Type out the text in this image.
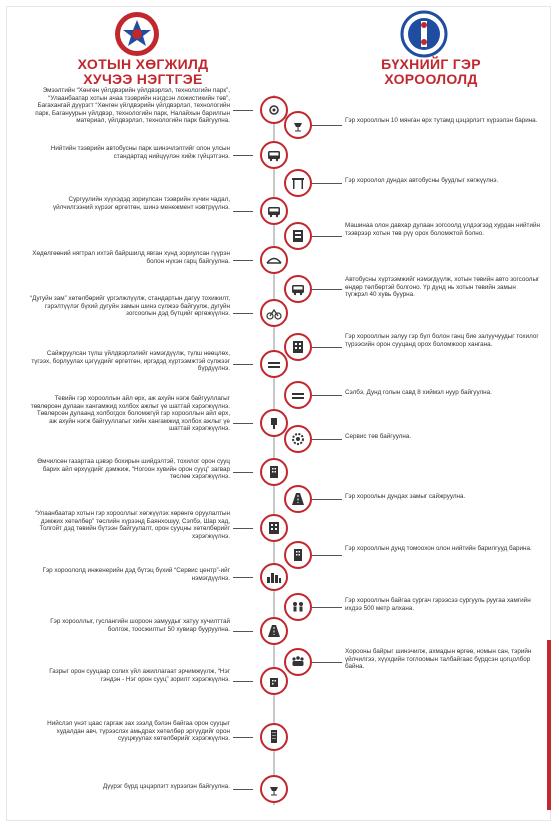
ХОТЫН ХӨГЖИЛД
ХУЧЭЭ НЭГТГЭЕ
БҮХНИЙГ ГЭР
ХОРООЛОЛД
Эмээлтийн “Хөнгөн үйлдвэрийн үйлдвэрлэл, технологийн парк”, “Улаанбаатар хотын ачаа тээврийн нэгдсэн ложистикийн төв”, Багахангай дүүрэгт “Хөнгөн үйлдвэрийн үйлдвэрлэл, технологийн парк, Багануурын үйлдвэр, технологийн парк, Налайхын барилгын материал, үйлдвэрлэл, технологийн парк байгуулна.
Нийтийн тээврийн автобусны парк шинэчлэлтийг олон улсын стандартад нийцүүлэн хийж гүйцэтгэнэ.
Сургуулийн хүүхэдэд зориулсан тээврийн хүчин чадал, үйлчилгээний хүрээг өргөтгөн, шинэ менежмент нэвтрүүлнэ.
Хөдөлгөөний нягтрал ихтэй байршилд явган хүнд зориулсан гүүрэн болон нүхэн гарц байгуулна.
“Дугуйн зам” хөтөлбөрийг үргэлжлүүлж, стандартын дагуу тохижилт, гэрэлтүүлэг бүхий дугуйн замын шинэ сүлжээ байгуулж, дугуйн зогсоолын дэд бүтцийг өргөжүүлнэ.
Сайжруулсан түлш үйлдвэрлэлийг нэмэгдүүлж, түлш нөөцлөх, түгээх, борлуулах цэгүүдийг өргөтгөн, иргэдэд хүртээмжтэй сүлжээг бүрдүүлнэ.
Тевийн гэр хорооллын айл өрх, аж ахуйн нэгж байгууллагыг төвлөрсөн дулаан хангамжид холбох ажлыг үе шаттай хэрэгжүүлнэ. Төвлөрсөн дулаанд холбогдох боломжгүй гэр хорооллын айл өрх, аж ахуйн нэгж байгууллагыг хийн хангамжид холбох ажлыг үе шаттай хэрэгжүүлнэ.
Өмчилсөн газартаа цэвэр бохирын шийдэлтэй, тохилог орон сууц барих айл өрхүүдийг дэмжиж, “Ногоон хувийн орон сууц” загвар төслөө хэрэгжүүлнэ.
“Улаанбаатар хотын гэр хорооллыг хөгжүүлэх хөрөнгө оруулалтын дэмжих хөтөлбөр” төслийн хүрээнд Баянхошуу, Сэлбэ, Шар хад, Толгойт дэд төвийн бүтээн байгуулалт, орон сууцны хөтөлбөрийг хэрэгжүүлнэ.
Гэр хороололд инженерийн дэд бүтэц бүхий “Сервис центр”-ийг нэмэгдүүлнэ.
Гэр хорооллыг, гуслангийн шороон замуудыг хатуу хучилттай болгож, тоосжилтыг 50 хувиар бууруулна.
Газрыг орон сууцаар солих үйл ажиллагаат эрчимжүүлж, “Нэг гэндэн - Нэг орон сууц” зорилт хэрэгжүүлнэ.
Нийслэл үнэт цаас гаргаж зах зээлд бэлэн байгаа орон сууцыг худалдан авч, түрээслэх амьдрах хөтөлбөр эргүүдийг орон сууцжуулах хөтөлбөрийг хэрэгжүүлнэ.
Дүүрэг бүрд цэцэрлэгт хүрээлэн байгуулна.
Гэр хорооллын 10 мянган өрх тутамд цэцэрлэгт хүрээлэн барина.
Гэр хороолол дундах автобусны буудлыг хөгжүүлнэ.
Машинаа олон давхар дулаан зогсоолд үлдээгээд хурдан нийтийн тээврээр хотын төв рүү орох боломжтой болно.
Автобусны хүртээмжийг нэмэгдүүлж, хотын төвийн авто зогсоолыг өндөр төлбөртэй болгоно. Үр дүнд нь хотын төвийн замын түгжрэл 40 хувь буурна.
Гэр хорооллын залуу гэр бүл болон ганц бие залуучуудыг тохилог түрээсийн орон сууцанд орох боломжоор хангана.
Сэлбэ, Дунд голын савд 8 хиймэл нуур байгуулна.
Сервис төв байгуулна.
Гэр хороолын дундах замыг сайжруулна.
Гэр хорооллын дунд томоохон олон нийтийн барилгууд барина.
Гэр хорооллын байгаа сургач гэрээсээ сургууль руугаа хамгийн ихдээ 500 метр алхана.
Хорооны байрыг шинэчилж, ахмадын өргөө, номын сан, тэрийн үйлчилгээ, хүүхдийн тоглоомын талбайгаас бүрдсэн цогцолбор байна.
